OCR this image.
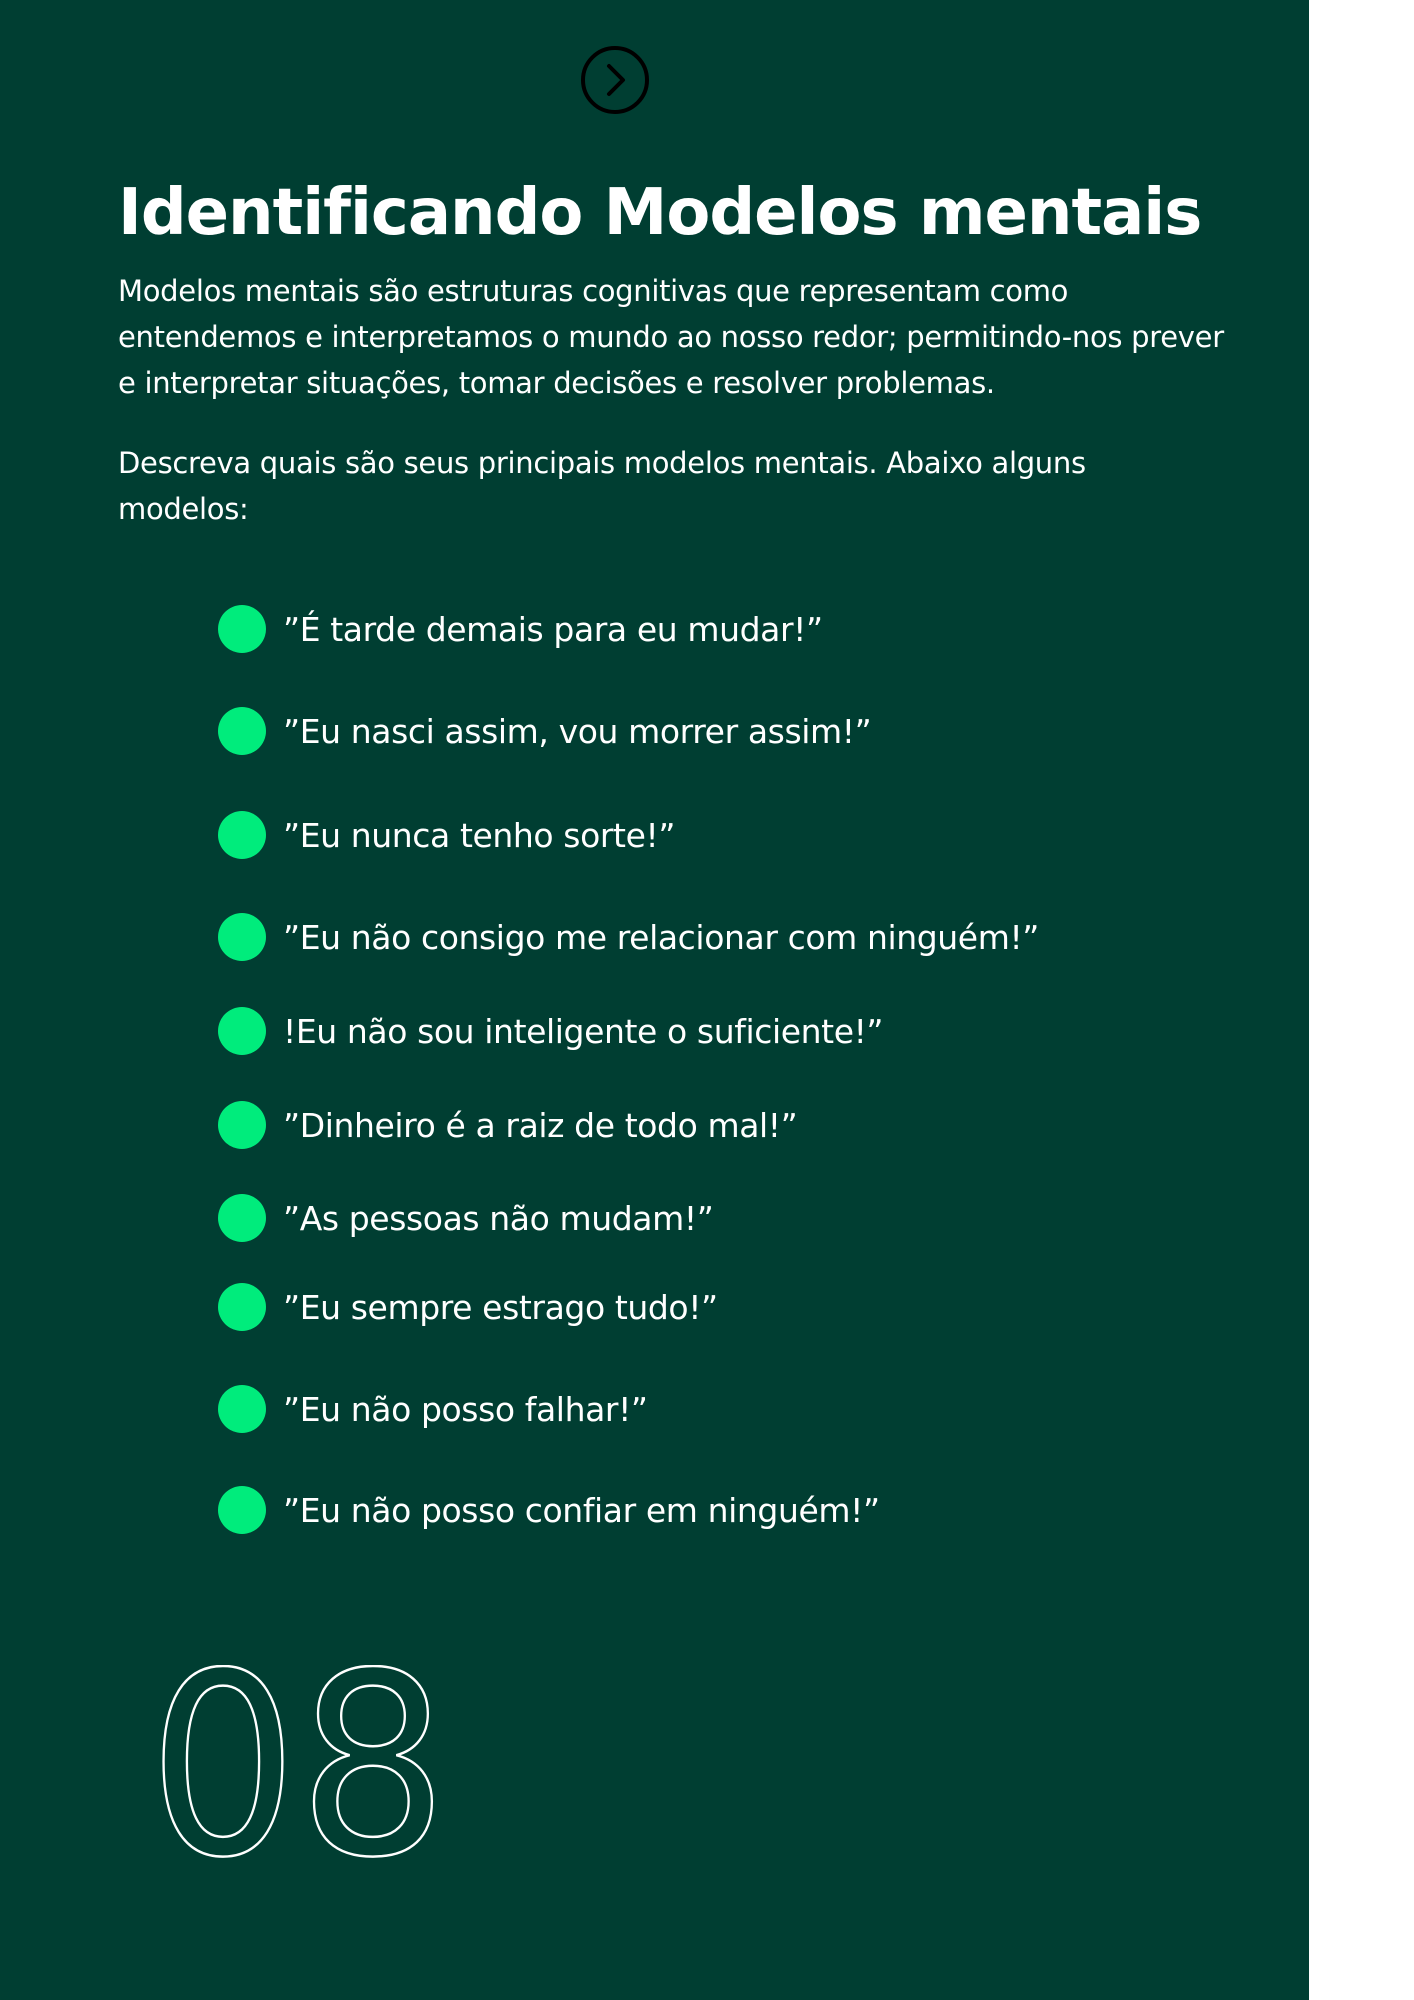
Identificando Modelos mentais

Modelos mentais são estruturas cognitivas que representam como entendemos e interpretamos o mundo ao nosso redor; permitindo-nos prever e interpretar situações, tomar decisões e resolver problemas.

Descreva quais são seus principais modelos mentais. Abaixo alguns modelos:

”É tarde demais para eu mudar!”
”Eu nasci assim, vou morrer assim!”
”Eu nunca tenho sorte!”
”Eu não consigo me relacionar com ninguém!”
!Eu não sou inteligente o suficiente!”
”Dinheiro é a raiz de todo mal!”
”As pessoas não mudam!”
”Eu sempre estrago tudo!”
”Eu não posso falhar!”
”Eu não posso confiar em ninguém!”
08
